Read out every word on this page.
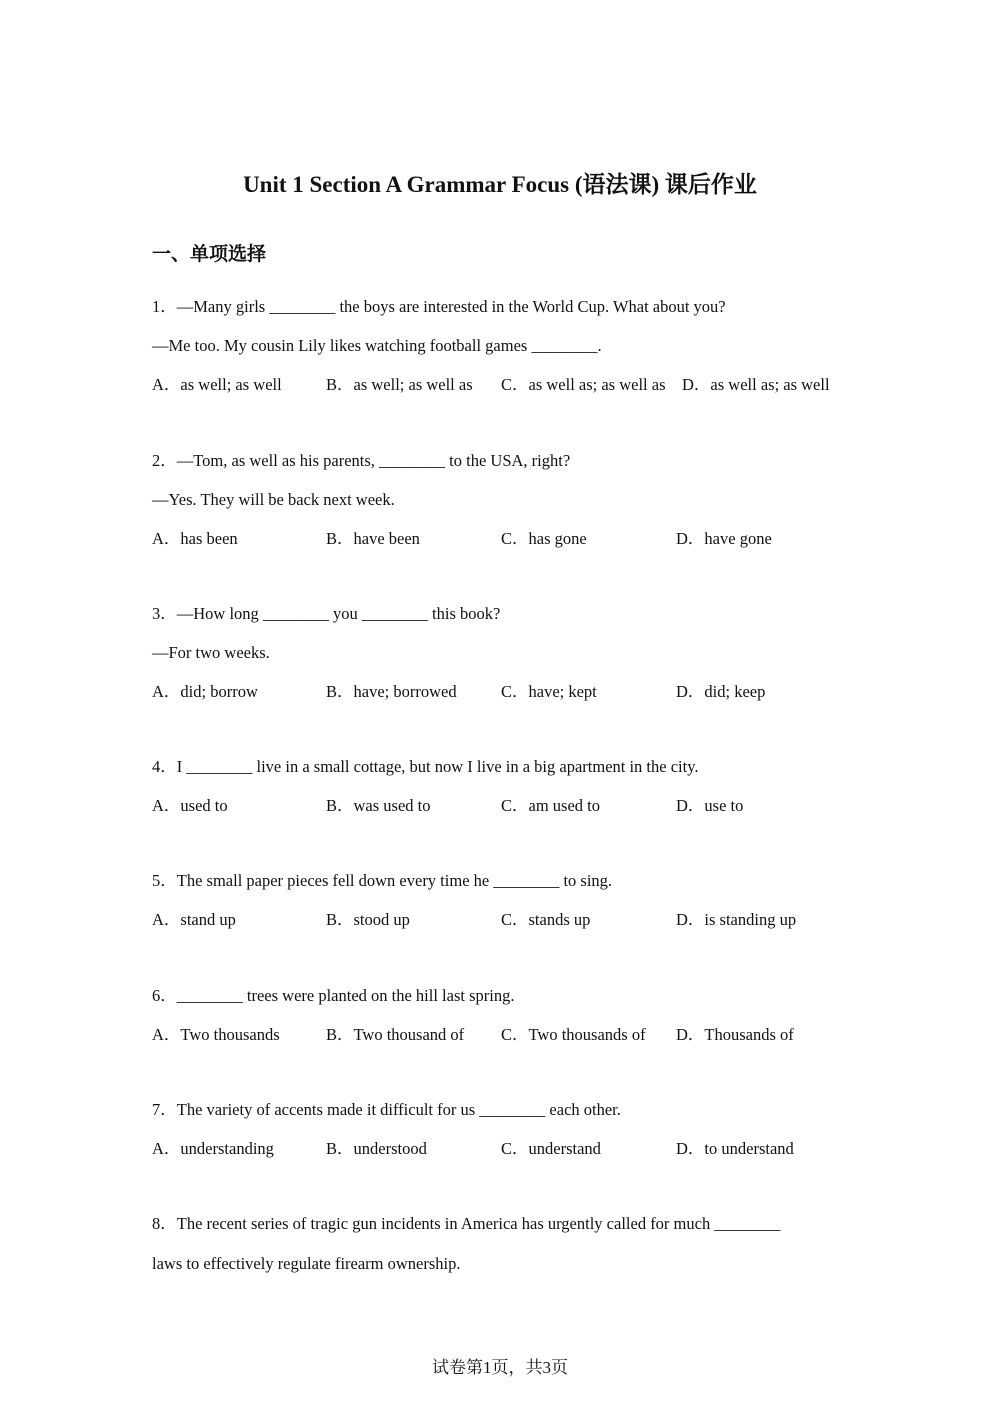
Unit 1 Section A Grammar Focus (语法课) 课后作业
一、单项选择
1．—Many girls ________ the boys are interested in the World Cup. What about you?
—Me too. My cousin Lily likes watching football games ________.
A．as well; as well	B．as well; as well as C．as well as; as well as D．as well as; as well
2．—Tom, as well as his parents, ________ to the USA, right?
—Yes. They will be back next week.
A．has been	B．have been	C．has gone	D．have gone
3．—How long ________ you ________ this book?
—For two weeks.
A．did; borrow	B．have; borrowed	C．have; kept	D．did; keep
4．I ________ live in a small cottage, but now I live in a big apartment in the city.
A．used to	B．was used to	C．am used to	D．use to
5．The small paper pieces fell down every time he ________ to sing.
A．stand up	B．stood up	C．stands up	D．is standing up
6．________ trees were planted on the hill last spring.
A．Two thousands	B．Two thousand of C．Two thousands of D．Thousands of
7．The variety of accents made it difficult for us ________ each other.
A．understanding	B．understood	C．understand	D．to understand
8．The recent series of tragic gun incidents in America has urgently called for much ________
laws to effectively regulate firearm ownership.
试卷第1页，共3页
